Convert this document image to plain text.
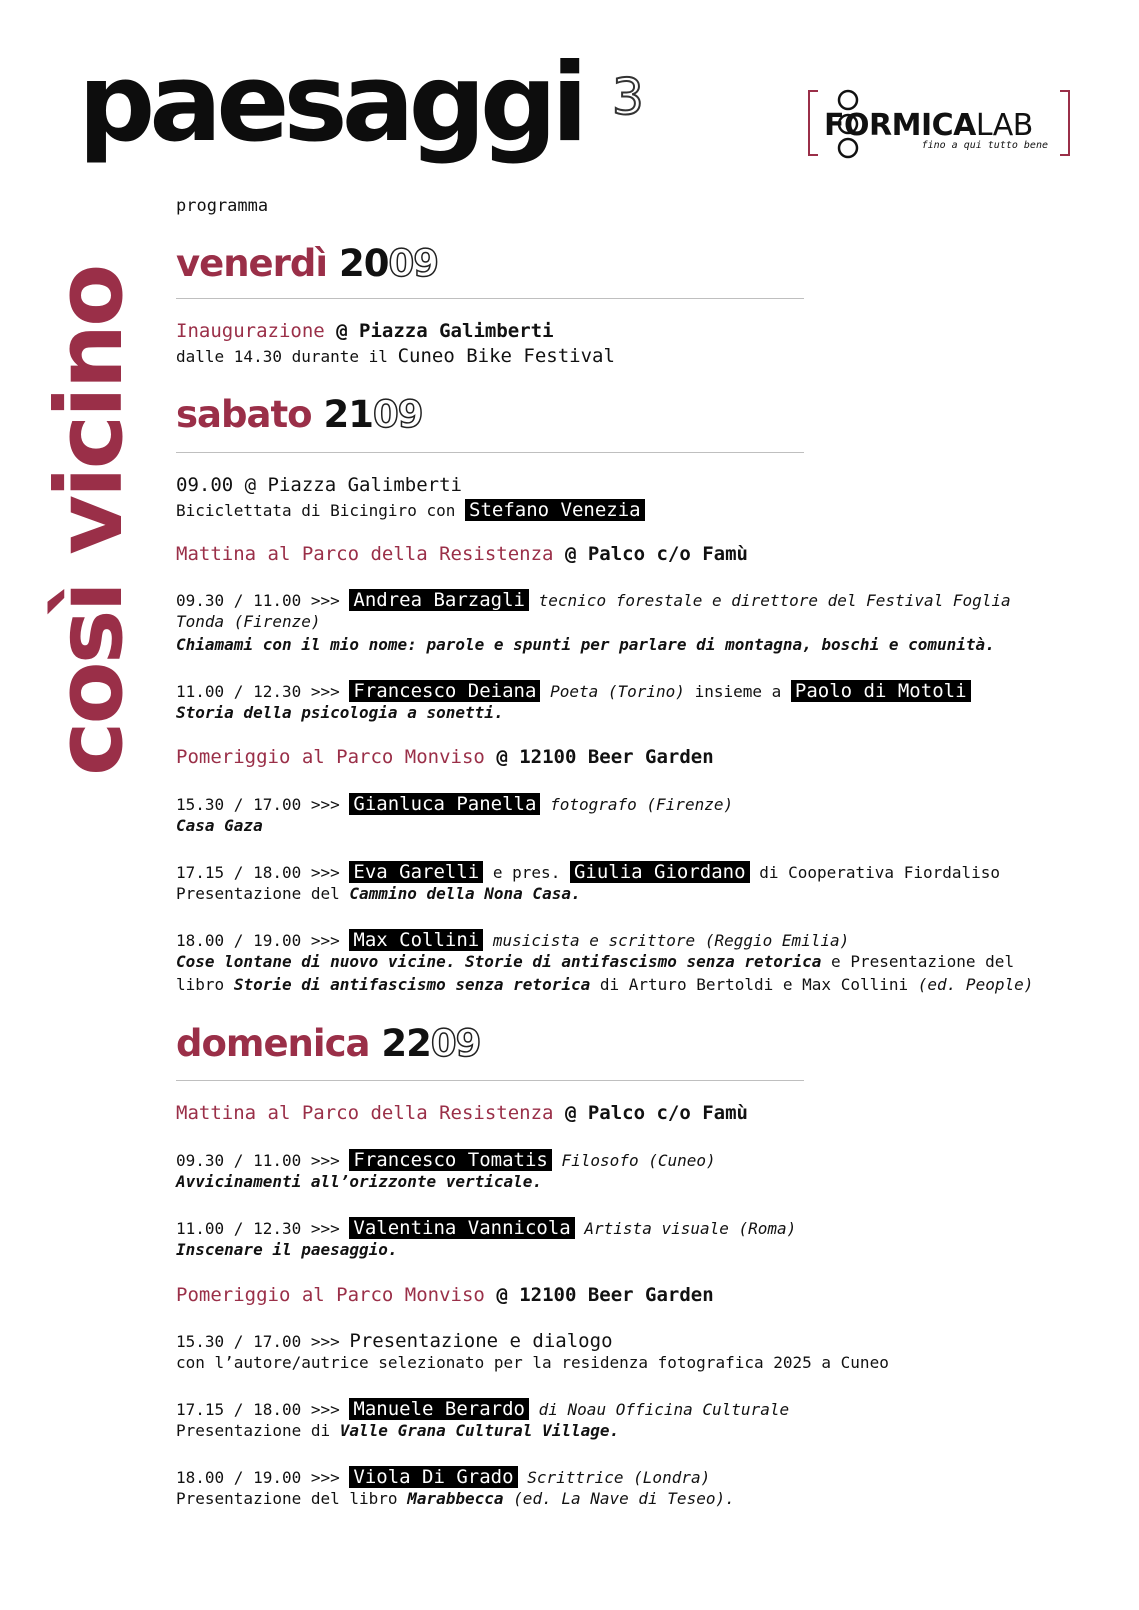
paesaggi 3
così vicino
FORMICALAB
fino a qui tutto bene
programma
venerdì 2009
Inaugurazione @ Piazza Galimberti
dalle 14.30 durante il Cuneo Bike Festival
sabato 2109
09.00 @ Piazza Galimberti
Biciclettata di Bicingiro con Stefano Venezia
Mattina al Parco della Resistenza @ Palco c/o Famù
09.30 / 11.00 >>> Andrea Barzagli tecnico forestale e direttore del Festival Foglia
Tonda (Firenze)
Chiamami con il mio nome: parole e spunti per parlare di montagna, boschi e comunità.
11.00 / 12.30 >>> Francesco Deiana Poeta (Torino) insieme a Paolo di Motoli
Storia della psicologia a sonetti.
Pomeriggio al Parco Monviso @ 12100 Beer Garden
15.30 / 17.00 >>> Gianluca Panella fotografo (Firenze)
Casa Gaza
17.15 / 18.00 >>> Eva Garelli e pres. Giulia Giordano di Cooperativa Fiordaliso
Presentazione del Cammino della Nona Casa.
18.00 / 19.00 >>> Max Collini musicista e scrittore (Reggio Emilia)
Cose lontane di nuovo vicine. Storie di antifascismo senza retorica e Presentazione del
libro Storie di antifascismo senza retorica di Arturo Bertoldi e Max Collini (ed. People)
domenica 2209
Mattina al Parco della Resistenza @ Palco c/o Famù
09.30 / 11.00 >>> Francesco Tomatis Filosofo (Cuneo)
Avvicinamenti all’orizzonte verticale.
11.00 / 12.30 >>> Valentina Vannicola Artista visuale (Roma)
Inscenare il paesaggio.
Pomeriggio al Parco Monviso @ 12100 Beer Garden
15.30 / 17.00 >>> Presentazione e dialogo
con l’autore/autrice selezionato per la residenza fotografica 2025 a Cuneo
17.15 / 18.00 >>> Manuele Berardo di Noau Officina Culturale
Presentazione di Valle Grana Cultural Village.
18.00 / 19.00 >>> Viola Di Grado Scrittrice (Londra)
Presentazione del libro Marabbecca (ed. La Nave di Teseo).
